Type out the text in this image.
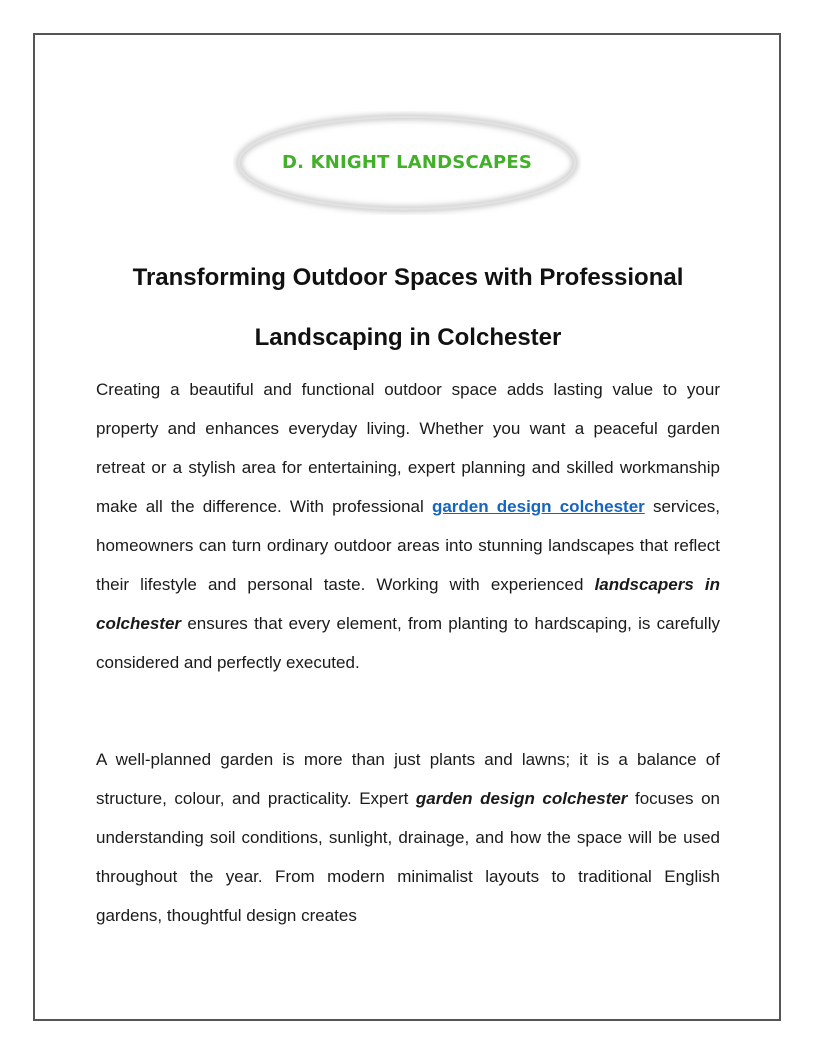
D. KNIGHT LANDSCAPES
Transforming Outdoor Spaces with Professional
Landscaping in Colchester

Creating a beautiful and functional outdoor space adds lasting value to your property and enhances everyday living. Whether you want a peaceful garden retreat or a stylish area for entertaining, expert planning and skilled workmanship make all the difference. With professional garden design colchester services, homeowners can turn ordinary outdoor areas into stunning landscapes that reflect their lifestyle and personal taste. Working with experienced landscapers in colchester ensures that every element, from planting to hardscaping, is carefully considered and perfectly executed.

A well-planned garden is more than just plants and lawns; it is a balance of structure, colour, and practicality. Expert garden design colchester focuses on understanding soil conditions, sunlight, drainage, and how the space will be used throughout the year. From modern minimalist layouts to traditional English gardens, thoughtful design creates
